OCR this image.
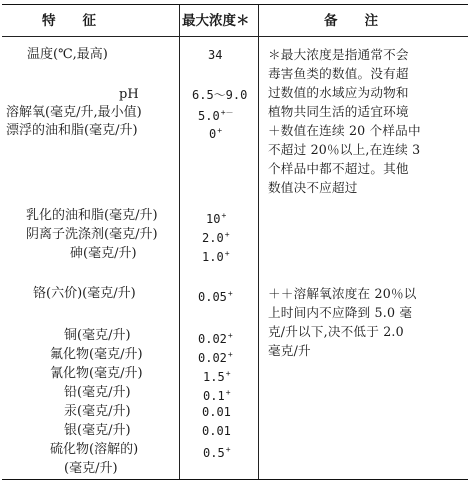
特　　征	最大浓度＊	备　　注
温度(℃,最高)
pH
溶解氧(毫克/升,最小值)
漂浮的油和脂(毫克/升)
乳化的油和脂(毫克/升)
阴离子洗涤剂(毫克/升)
砷(毫克/升)
铬(六价)(毫克/升)
铜(毫克/升)
氟化物(毫克/升)
氰化物(毫克/升)
铅(毫克/升)
汞(毫克/升)
银(毫克/升)
硫化物(溶解的)
(毫克/升)
34
6.5～9.0
5.0+－
0+
10+
2.0+
1.0+
0.05+
0.02+
0.02+
1.5+
0.1+
0.01
0.01
0.5+
＊最大浓度是指通常不会
毒害鱼类的数值。没有超
过数值的水域应为动物和
植物共同生活的适宜环境
＋数值在连续 20 个样品中
不超过 20％以上,在连续 3
个样品中都不超过。其他
数值决不应超过
＋＋溶解氧浓度在 20％以
上时间内不应降到 5.0 毫
克/升以下,决不低于 2.0
毫克/升
